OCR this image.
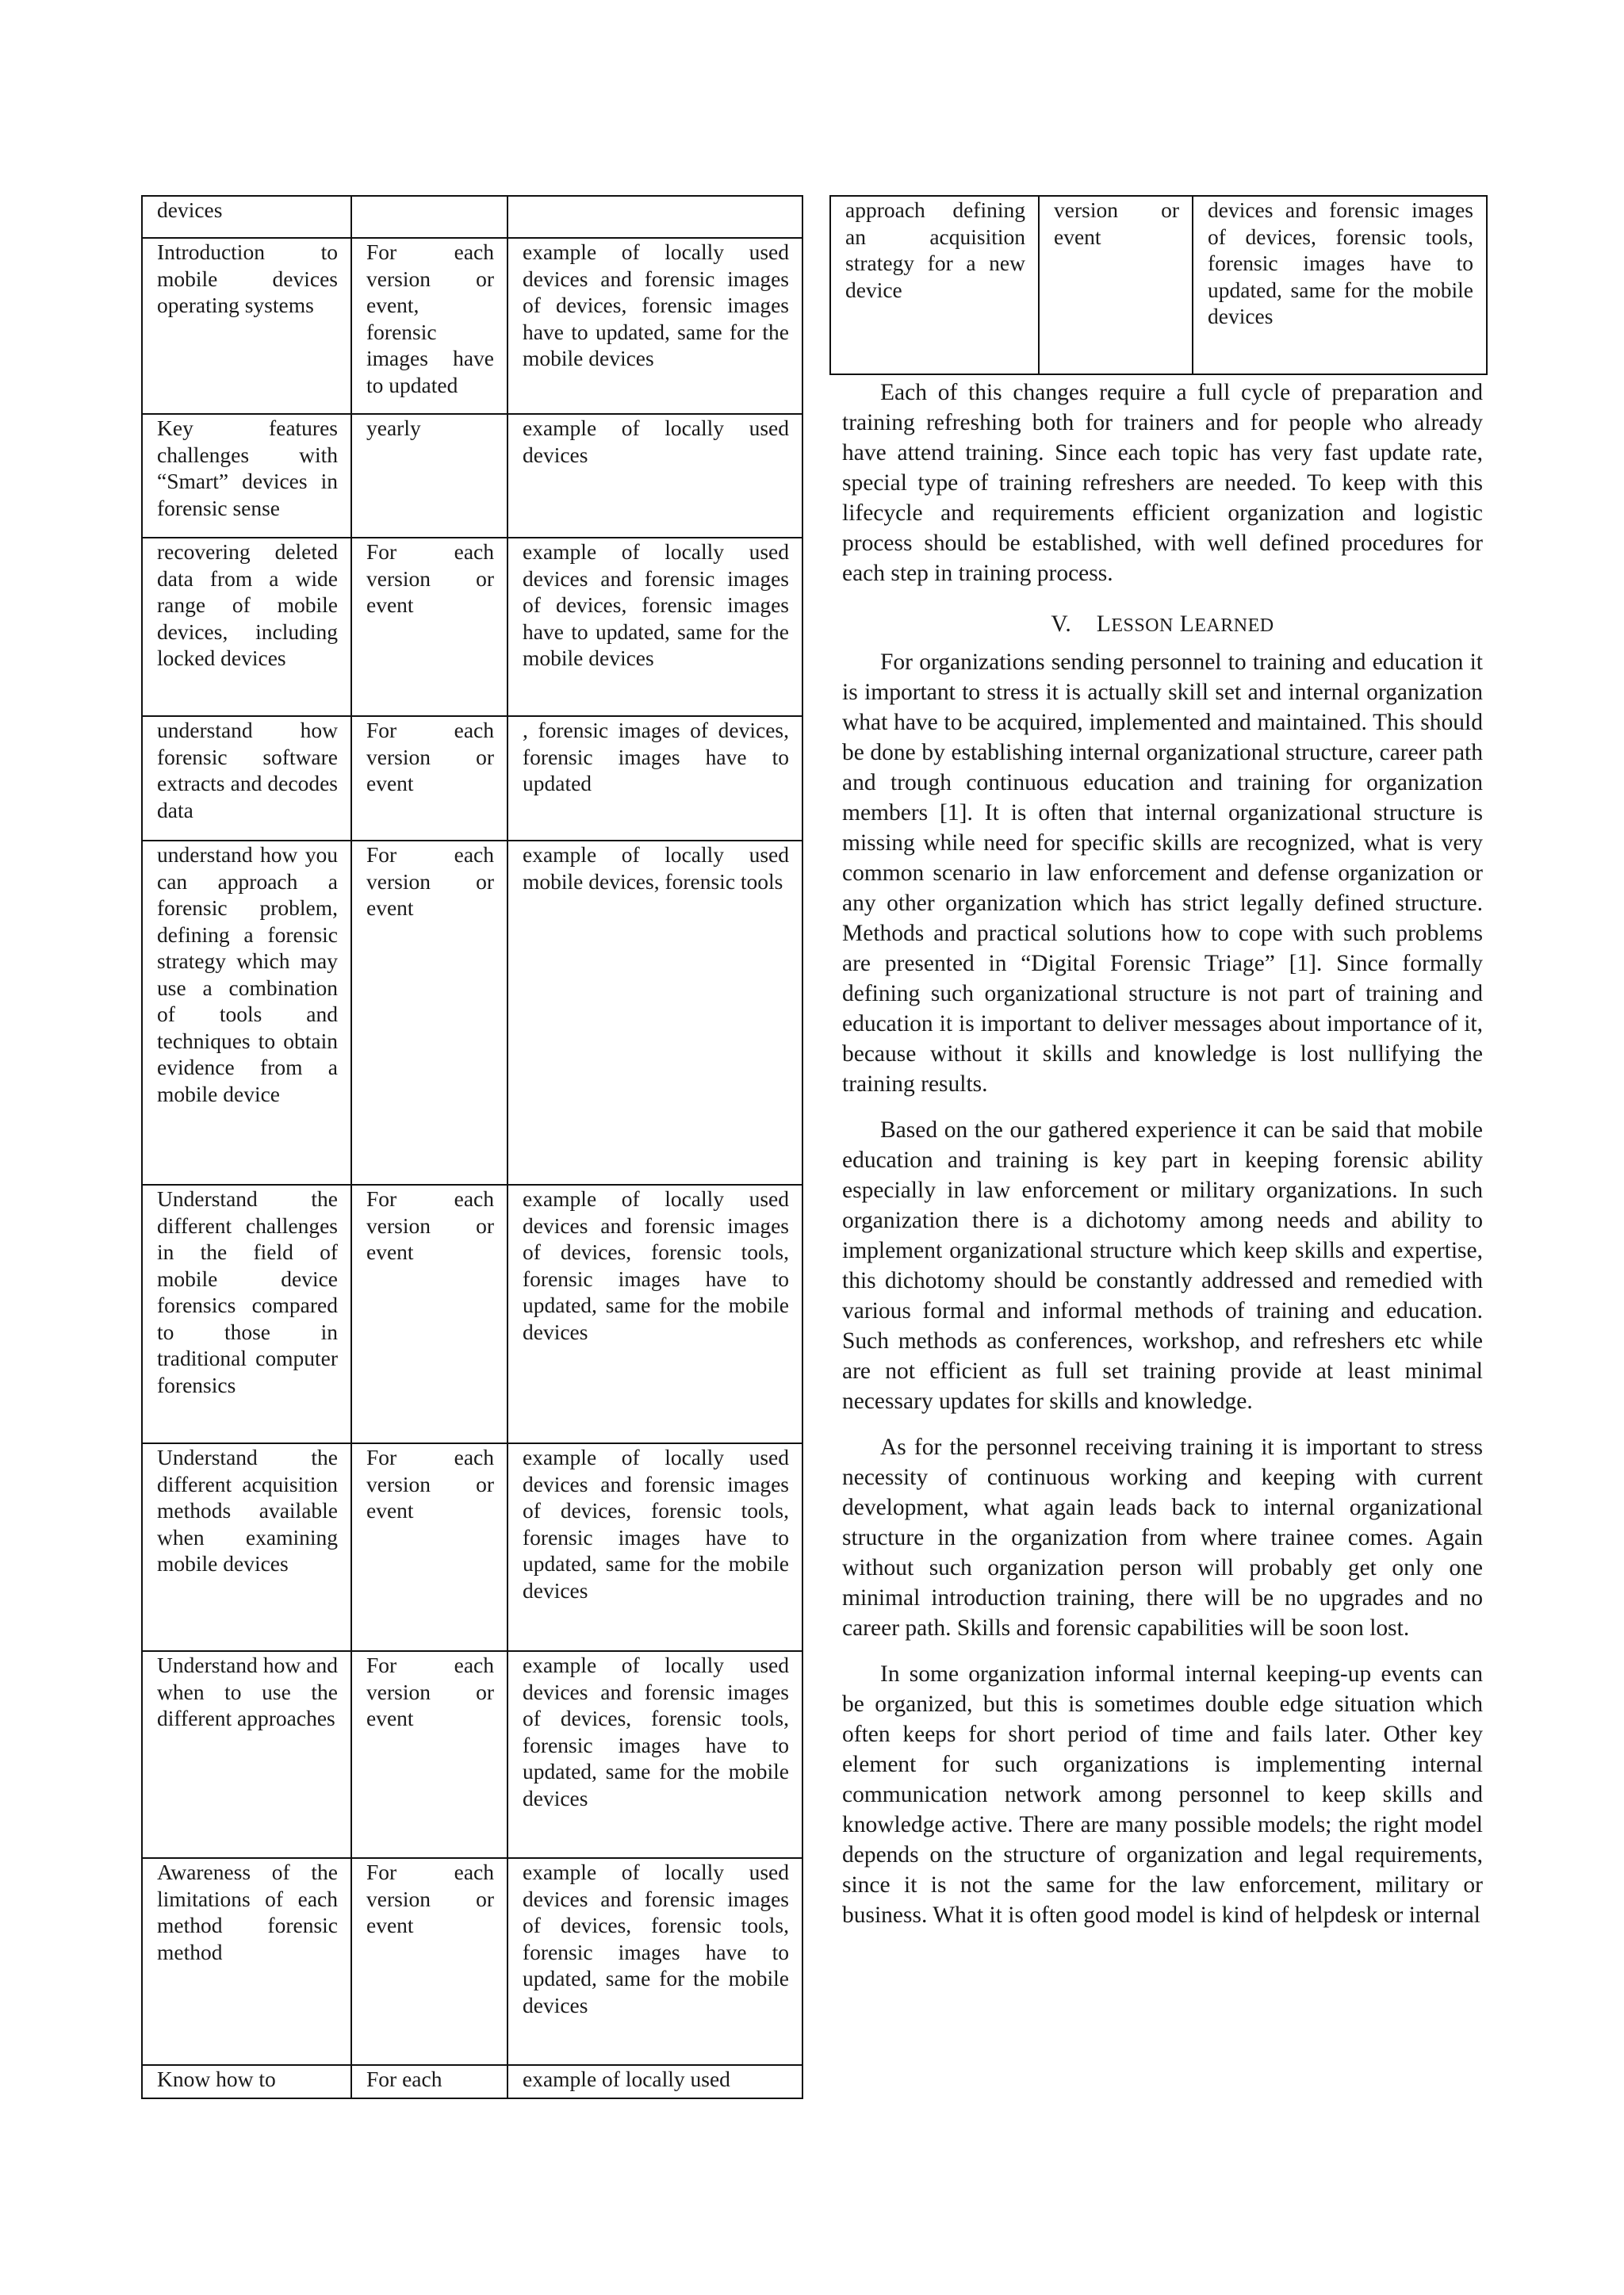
devices		
Introduction to mobile devices operating systems	For each version or event, forensic images have to updated	example of locally used devices and forensic images of devices, forensic images have to updated, same for the mobile devices
Key features challenges with “Smart” devices in forensic sense	yearly	example of locally used devices
recovering deleted data from a wide range of mobile devices, including locked devices	For each version or event	example of locally used devices and forensic images of devices, forensic images have to updated, same for the mobile devices
understand how forensic software extracts and decodes data	For each version or event	, forensic images of devices, forensic images have to updated
understand how you can approach a forensic problem, defining a forensic strategy which may use a combination of tools and techniques to obtain evidence from a mobile device	For each version or event	example of locally used mobile devices, forensic tools
Understand the different challenges in the field of mobile device forensics compared to those in traditional computer forensics	For each version or event	example of locally used devices and forensic images of devices, forensic tools, forensic images have to updated, same for the mobile devices
Understand the different acquisition methods available when examining mobile devices	For each version or event	example of locally used devices and forensic images of devices, forensic tools, forensic images have to updated, same for the mobile devices
Understand how and when to use the different approaches	For each version or event	example of locally used devices and forensic images of devices, forensic tools, forensic images have to updated, same for the mobile devices
Awareness of the limitations of each method forensic method	For each version or event	example of locally used devices and forensic images of devices, forensic tools, forensic images have to updated, same for the mobile devices
Know how to	For each	example of locally used
approach defining an acquisition strategy for a new device	version or event	devices and forensic images of devices, forensic tools, forensic images have to updated, same for the mobile devices

Each of this changes require a full cycle of preparation and training refreshing both for trainers and for people who already have attend training. Since each topic has very fast update rate, special type of training refreshers are needed. To keep with this lifecycle and requirements efficient organization and logistic process should be established, with well defined procedures for each step in training process.

V. LESSON LEARNED

For organizations sending personnel to training and education it is important to stress it is actually skill set and internal organization what have to be acquired, implemented and maintained. This should be done by establishing internal organizational structure, career path and trough continuous education and training for organization members [1]. It is often that internal organizational structure is missing while need for specific skills are recognized, what is very common scenario in law enforcement and defense organization or any other organization which has strict legally defined structure. Methods and practical solutions how to cope with such problems are presented in “Digital Forensic Triage” [1]. Since formally defining such organizational structure is not part of training and education it is important to deliver messages about importance of it, because without it skills and knowledge is lost nullifying the training results.

Based on the our gathered experience it can be said that mobile education and training is key part in keeping forensic ability especially in law enforcement or military organizations. In such organization there is a dichotomy among needs and ability to implement organizational structure which keep skills and expertise, this dichotomy should be constantly addressed and remedied with various formal and informal methods of training and education. Such methods as conferences, workshop, and refreshers etc while are not efficient as full set training provide at least minimal necessary updates for skills and knowledge.

As for the personnel receiving training it is important to stress necessity of continuous working and keeping with current development, what again leads back to internal organizational structure in the organization from where trainee comes. Again without such organization person will probably get only one minimal introduction training, there will be no upgrades and no career path. Skills and forensic capabilities will be soon lost.

In some organization informal internal keeping-up events can be organized, but this is sometimes double edge situation which often keeps for short period of time and fails later. Other key element for such organizations is implementing internal communication network among personnel to keep skills and knowledge active. There are many possible models; the right model depends on the structure of organization and legal requirements, since it is not the same for the law enforcement, military or business. What it is often good model is kind of helpdesk or internal
